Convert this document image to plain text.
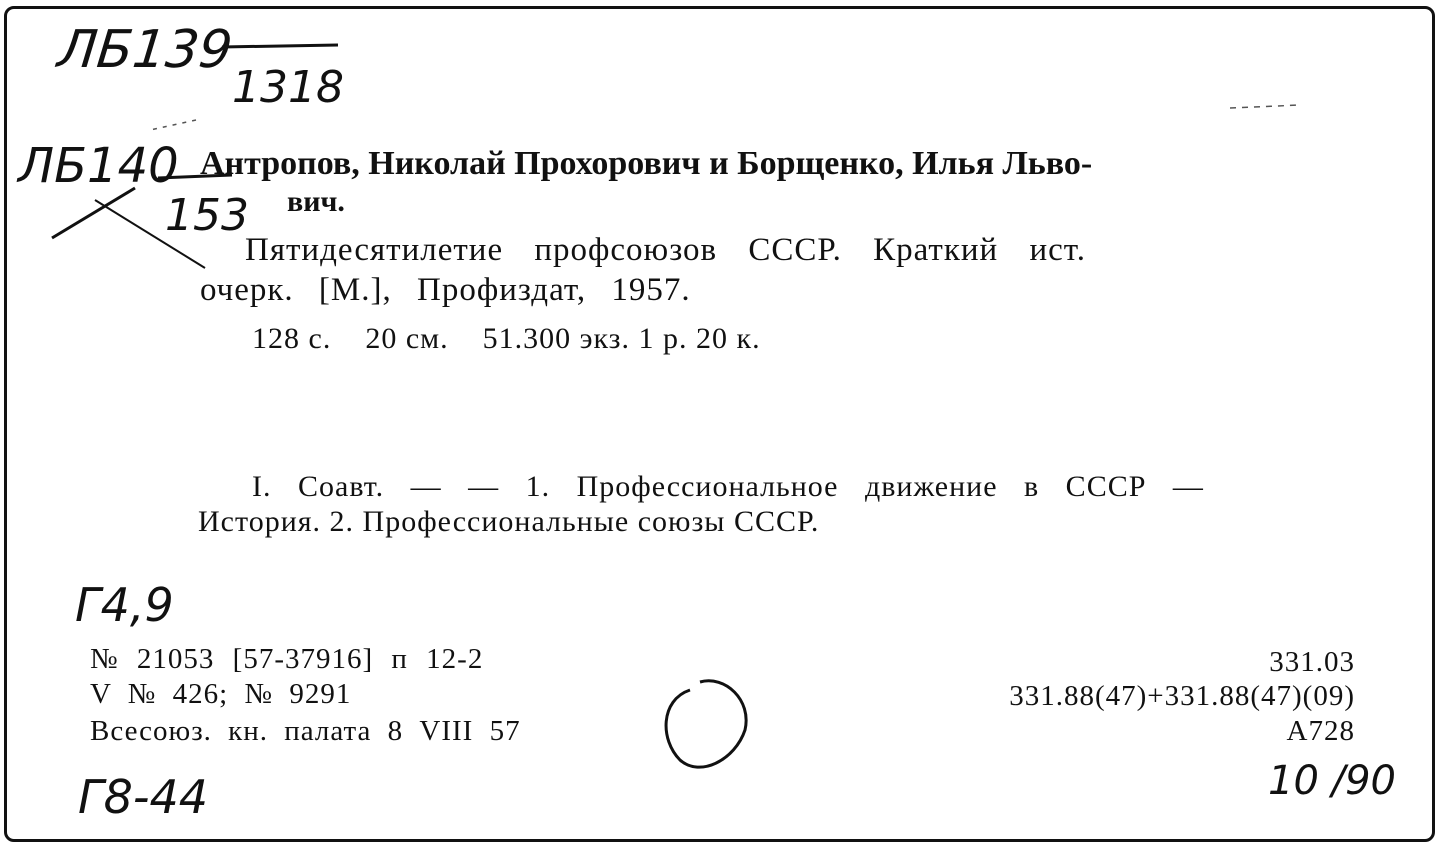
ЛБ139
1318
ЛБ140
153
Антропов, Николай Прохорович и Борщенко, Илья Льво-
вич.
Пятидесятилетие профсоюзов СССР. Краткий ист.
очерк. [М.], Профиздат, 1957.
128 с.    20 см.    51.300 экз. 1 р. 20 к.
I. Соавт. — — 1. Профессиональное движение в СССР —
История. 2. Профессиональные союзы СССР.
Г4,9
№ 21053 [57-37916] п 12-2
V № 426; № 9291
Всесоюз. кн. палата 8 VIII 57
331.03
331.88(47)+331.88(47)(09)
А728
Г8-44	10 /90
